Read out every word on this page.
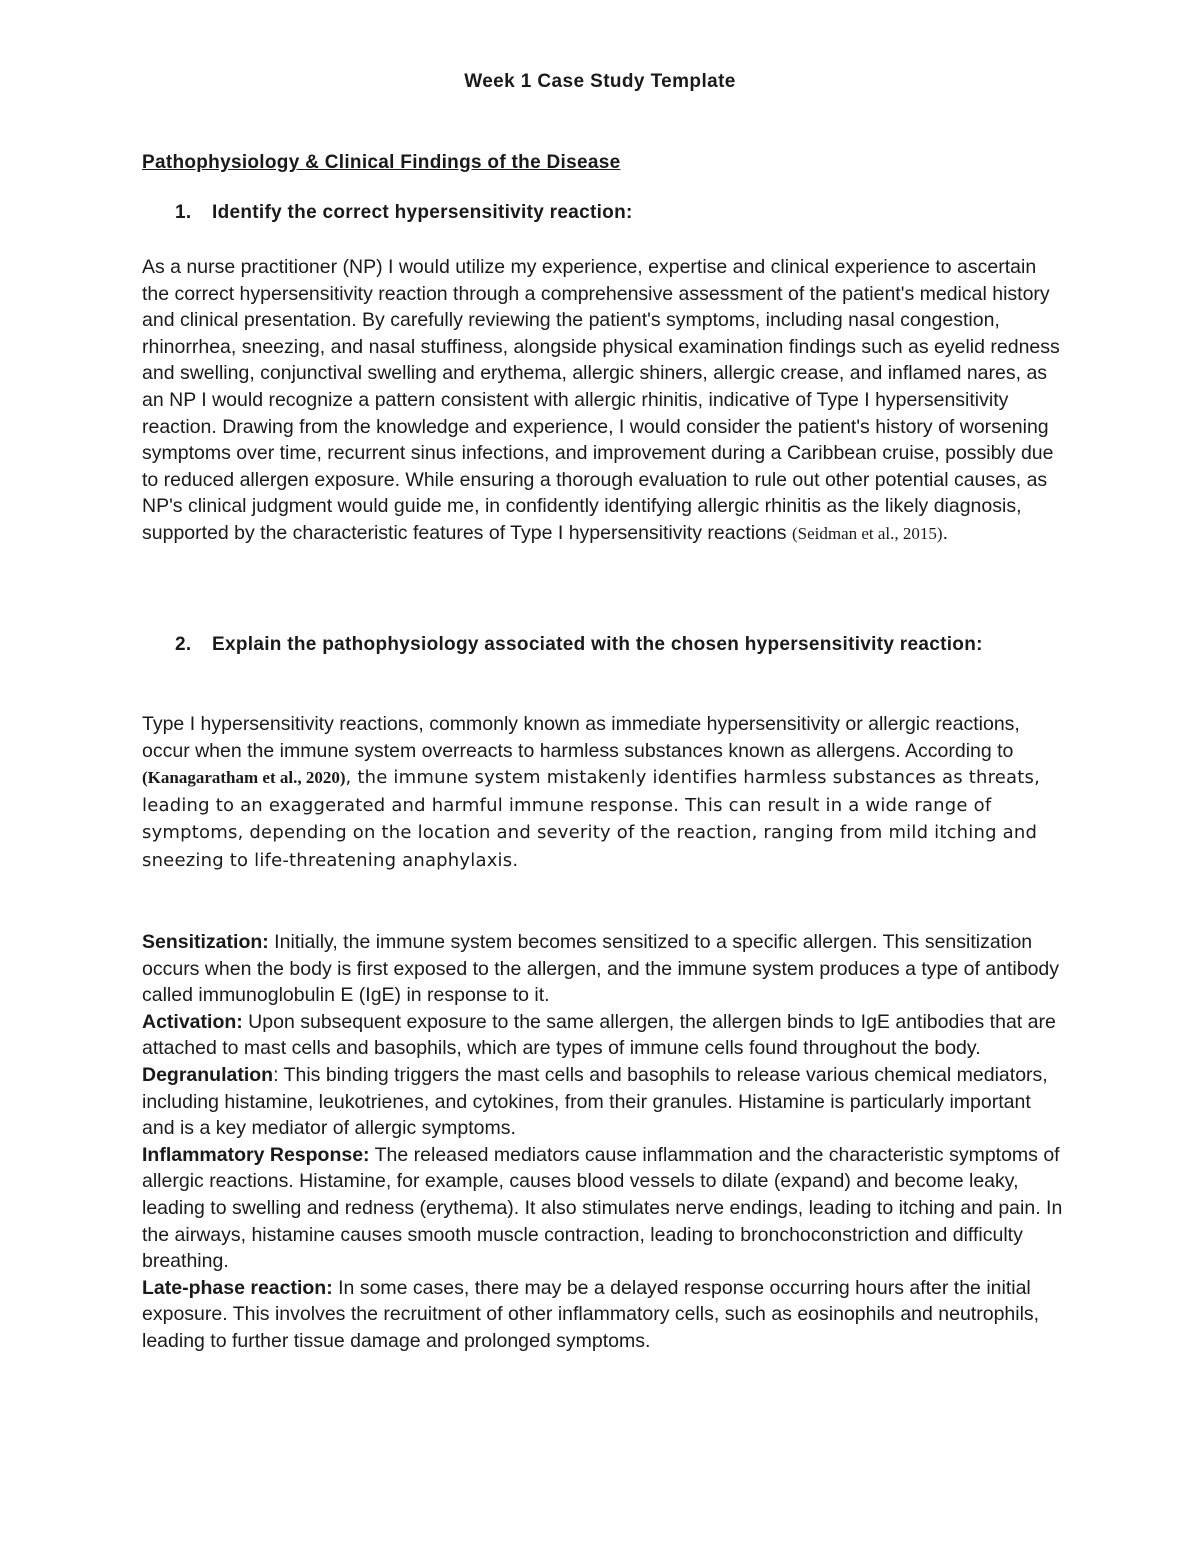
Week 1 Case Study Template
Pathophysiology & Clinical Findings of the Disease
1. Identify the correct hypersensitivity reaction:

As a nurse practitioner (NP) I would utilize my experience, expertise and clinical experience to ascertain the correct hypersensitivity reaction through a comprehensive assessment of the patient's medical history and clinical presentation. By carefully reviewing the patient's symptoms, including nasal congestion, rhinorrhea, sneezing, and nasal stuffiness, alongside physical examination findings such as eyelid redness and swelling, conjunctival swelling and erythema, allergic shiners, allergic crease, and inflamed nares, as an NP I would recognize a pattern consistent with allergic rhinitis, indicative of Type I hypersensitivity reaction. Drawing from the knowledge and experience, I would consider the patient's history of worsening symptoms over time, recurrent sinus infections, and improvement during a Caribbean cruise, possibly due to reduced allergen exposure. While ensuring a thorough evaluation to rule out other potential causes, as NP's clinical judgment would guide me, in confidently identifying allergic rhinitis as the likely diagnosis, supported by the characteristic features of Type I hypersensitivity reactions (Seidman et al., 2015).

2. Explain the pathophysiology associated with the chosen hypersensitivity reaction:

Type I hypersensitivity reactions, commonly known as immediate hypersensitivity or allergic reactions, occur when the immune system overreacts to harmless substances known as allergens. According to (Kanagaratham et al., 2020), the immune system mistakenly identifies harmless substances as threats, leading to an exaggerated and harmful immune response. This can result in a wide range of symptoms, depending on the location and severity of the reaction, ranging from mild itching and sneezing to life-threatening anaphylaxis.

Sensitization: Initially, the immune system becomes sensitized to a specific allergen. This sensitization occurs when the body is first exposed to the allergen, and the immune system produces a type of antibody called immunoglobulin E (IgE) in response to it.
Activation: Upon subsequent exposure to the same allergen, the allergen binds to IgE antibodies that are attached to mast cells and basophils, which are types of immune cells found throughout the body.
Degranulation: This binding triggers the mast cells and basophils to release various chemical mediators, including histamine, leukotrienes, and cytokines, from their granules. Histamine is particularly important and is a key mediator of allergic symptoms.
Inflammatory Response: The released mediators cause inflammation and the characteristic symptoms of allergic reactions. Histamine, for example, causes blood vessels to dilate (expand) and become leaky, leading to swelling and redness (erythema). It also stimulates nerve endings, leading to itching and pain. In the airways, histamine causes smooth muscle contraction, leading to bronchoconstriction and difficulty breathing.
Late-phase reaction: In some cases, there may be a delayed response occurring hours after the initial exposure. This involves the recruitment of other inflammatory cells, such as eosinophils and neutrophils, leading to further tissue damage and prolonged symptoms.
